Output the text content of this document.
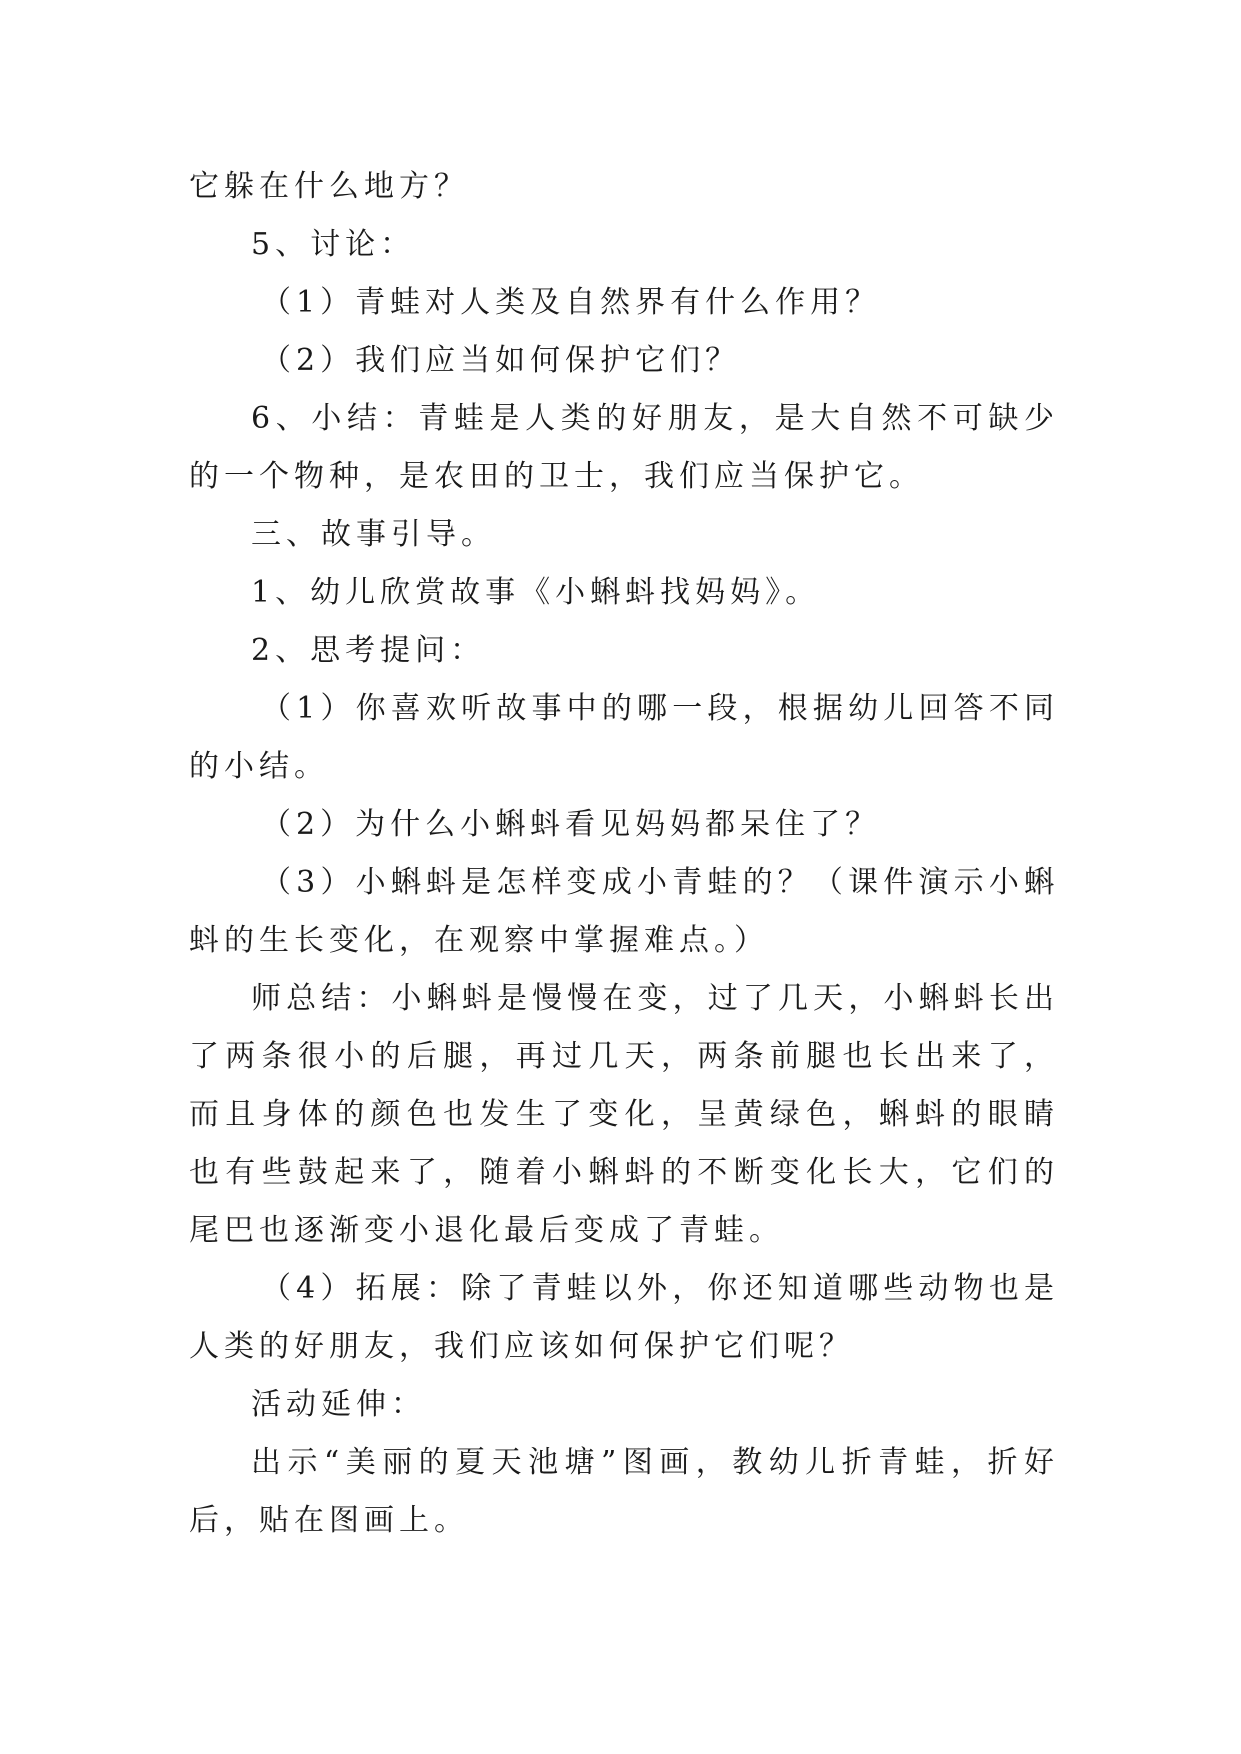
它躲在什么地方？

5、讨论：

（1）青蛙对人类及自然界有什么作用？

（2）我们应当如何保护它们？

6、小结：青蛙是人类的好朋友，是大自然不可缺少的一个物种，是农田的卫士，我们应当保护它。

三、故事引导。

1、幼儿欣赏故事《小蝌蚪找妈妈》。

2、思考提问：

（1）你喜欢听故事中的哪一段，根据幼儿回答不同的小结。

（2）为什么小蝌蚪看见妈妈都呆住了？

（3）小蝌蚪是怎样变成小青蛙的？（课件演示小蝌蚪的生长变化，在观察中掌握难点。）

师总结：小蝌蚪是慢慢在变，过了几天，小蝌蚪长出了两条很小的后腿，再过几天，两条前腿也长出来了，而且身体的颜色也发生了变化，呈黄绿色，蝌蚪的眼睛也有些鼓起来了，随着小蝌蚪的不断变化长大，它们的尾巴也逐渐变小退化最后变成了青蛙。

（4）拓展：除了青蛙以外，你还知道哪些动物也是人类的好朋友，我们应该如何保护它们呢？

活动延伸：

出示“美丽的夏天池塘”图画，教幼儿折青蛙，折好后，贴在图画上。
